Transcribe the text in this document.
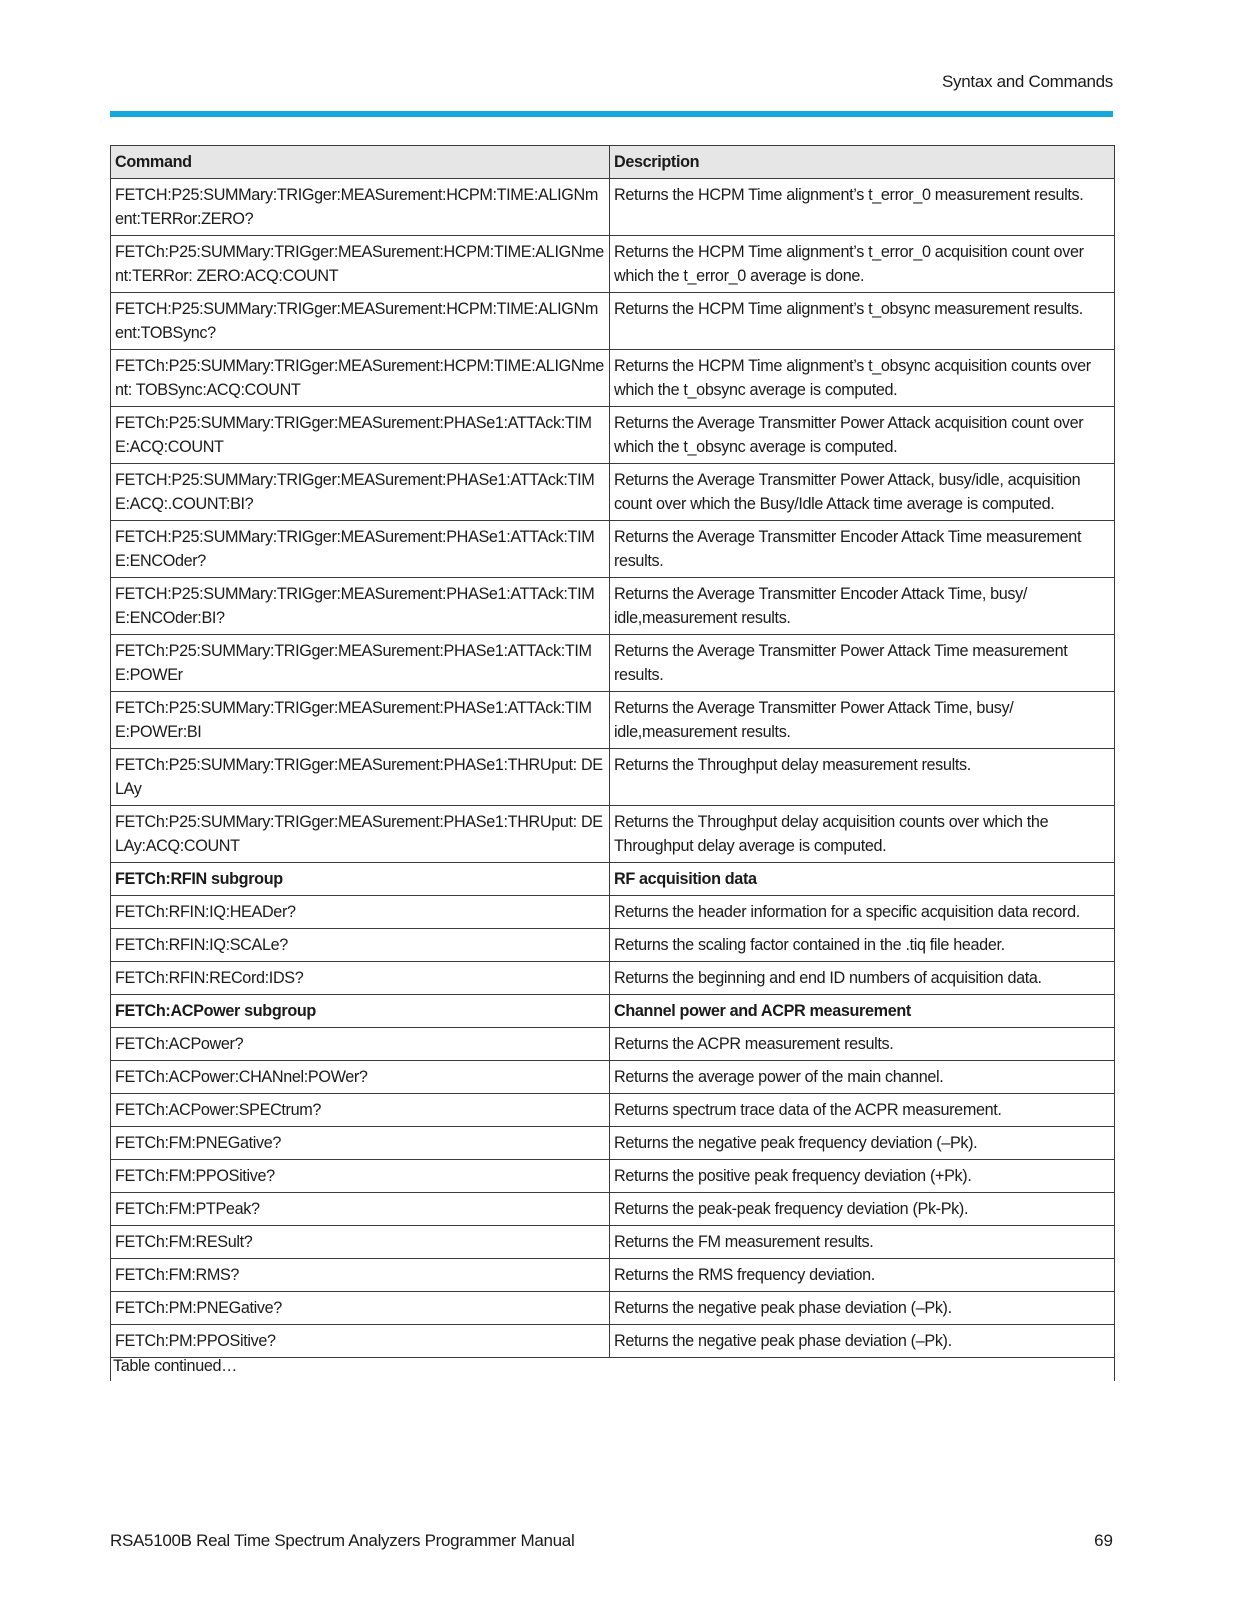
Syntax and Commands
Command	Description
FETCH:P25:SUMMary:TRIGger:MEASurement:HCPM:TIME:ALIGNment:TERRor:ZERO?	Returns the HCPM Time alignment’s t_error_0 measurement results.
FETCh:P25:SUMMary:TRIGger:MEASurement:HCPM:TIME:ALIGNment:TERRor: ZERO:ACQ:COUNT	Returns the HCPM Time alignment’s t_error_0 acquisition count over which the t_error_0 average is done.
FETCH:P25:SUMMary:TRIGger:MEASurement:HCPM:TIME:ALIGNment:TOBSync?	Returns the HCPM Time alignment’s t_obsync measurement results.
FETCh:P25:SUMMary:TRIGger:MEASurement:HCPM:TIME:ALIGNment: TOBSync:ACQ:COUNT	Returns the HCPM Time alignment’s t_obsync acquisition counts over which the t_obsync average is computed.
FETCh:P25:SUMMary:TRIGger:MEASurement:PHASe1:ATTAck:TIME:ACQ:COUNT	Returns the Average Transmitter Power Attack acquisition count over which the t_obsync average is computed.
FETCH:P25:SUMMary:TRIGger:MEASurement:PHASe1:ATTAck:TIME:ACQ:.COUNT:BI?	Returns the Average Transmitter Power Attack, busy/idle, acquisition count over which the Busy/Idle Attack time average is computed.
FETCH:P25:SUMMary:TRIGger:MEASurement:PHASe1:ATTAck:TIME:ENCOder?	Returns the Average Transmitter Encoder Attack Time measurement results.
FETCH:P25:SUMMary:TRIGger:MEASurement:PHASe1:ATTAck:TIME:ENCOder:BI?	Returns the Average Transmitter Encoder Attack Time, busy/ idle,measurement results.
FETCh:P25:SUMMary:TRIGger:MEASurement:PHASe1:ATTAck:TIME:POWEr	Returns the Average Transmitter Power Attack Time measurement results.
FETCh:P25:SUMMary:TRIGger:MEASurement:PHASe1:ATTAck:TIME:POWEr:BI	Returns the Average Transmitter Power Attack Time, busy/ idle,measurement results.
FETCh:P25:SUMMary:TRIGger:MEASurement:PHASe1:THRUput: DELAy	Returns the Throughput delay measurement results.
FETCh:P25:SUMMary:TRIGger:MEASurement:PHASe1:THRUput: DELAy:ACQ:COUNT	Returns the Throughput delay acquisition counts over which the Throughput delay average is computed.
FETCh:RFIN subgroup	RF acquisition data
FETCh:RFIN:IQ:HEADer?	Returns the header information for a specific acquisition data record.
FETCh:RFIN:IQ:SCALe?	Returns the scaling factor contained in the .tiq file header.
FETCh:RFIN:RECord:IDS?	Returns the beginning and end ID numbers of acquisition data.
FETCh:ACPower subgroup	Channel power and ACPR measurement
FETCh:ACPower?	Returns the ACPR measurement results.
FETCh:ACPower:CHANnel:POWer?	Returns the average power of the main channel.
FETCh:ACPower:SPECtrum?	Returns spectrum trace data of the ACPR measurement.
FETCh:FM:PNEGative?	Returns the negative peak frequency deviation (–Pk).
FETCh:FM:PPOSitive?	Returns the positive peak frequency deviation (+Pk).
FETCh:FM:PTPeak?	Returns the peak-peak frequency deviation (Pk-Pk).
FETCh:FM:RESult?	Returns the FM measurement results.
FETCh:FM:RMS?	Returns the RMS frequency deviation.
FETCh:PM:PNEGative?	Returns the negative peak phase deviation (–Pk).
FETCh:PM:PPOSitive?	Returns the negative peak phase deviation (–Pk).
Table continued…
RSA5100B Real Time Spectrum Analyzers Programmer Manual	69
